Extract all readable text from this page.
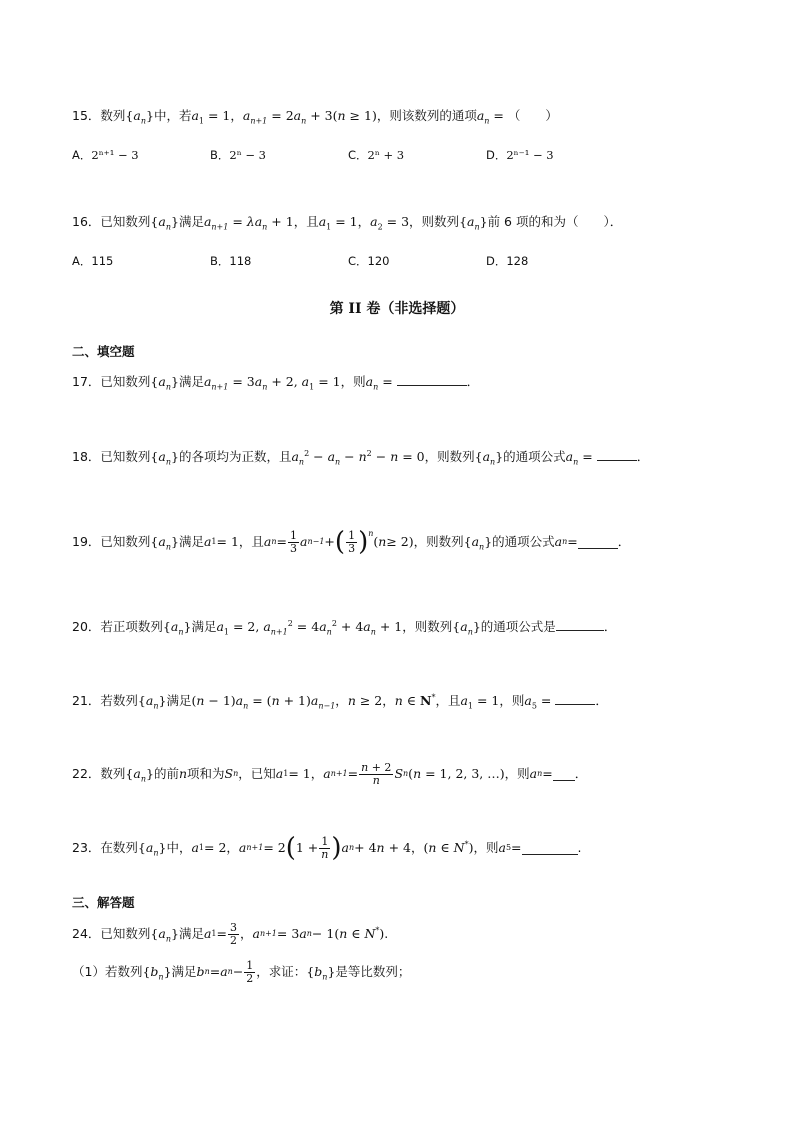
15．数列$\{a_n\}$中，若$a_1 = 1$，$a_{n+1} = 2a_n + 3(n \ge 1)$，则该数列的通项$a_n$ = （　　）
A．2ⁿ⁺¹ − 3	B．2ⁿ − 3	C．2ⁿ + 3	D．2ⁿ⁻¹ − 3
16．已知数列$\{a_n\}$满足$a_{n+1} = \lambda a_n + 1$，且$a_1 = 1$，$a_2 = 3$，则数列$\{a_n\}$前 6 项的和为（　　）．
A．115	B．118	C．120	D．128
第 II 卷（非选择题）
二、填空题
17．已知数列$\{a_n\}$满足$a_{n+1} = 3a_n + 2$, $a_1 = 1$，则$a_n$ =	．
18．已知数列$\{a_n\}$的各项均为正数，且$a_n^2 - a_n - n^2 - n = 0$，则数列$\{a_n\}$的通项公式$a_n$ =	．
19． 已知数列 $\{a_n\}$ 满足 a 1 = 1 ，且 a $n = \frac{1}{3}$ a n−1 + ( $\frac{1}{3} )^n$
( n ≥ 2) ，则数列 $\{a_n\}$ 的通项公式 a n =	．
20．若正项数列$\{a_n\}$满足$a_1 = 2$, $a_{n+1}^2 = 4a_n^2 + 4a_n + 1$，则数列$\{a_n\}$的通项公式是	．
21．若数列$\{a_n\}$满足$(n - 1)a_n = (n + 1)a_{n-1}$，n ≥ 2，n ∈ N*，且$a_1 = 1$，则$a_5$ =	．
22． 数列 $\{a_n\}$ 的前 n 项和为 S n ，已知 a 1 = 1， a $n+1 = \frac{n + 2}{n}$ S n (n = 1, 2, 3, …) ，则 a n = ．
23． 在数列 $\{a_n\}$ 中， a 1 = 2， a n+1 = 2 ( $1 + \frac{1}{n}$ ) a n + 4n + 4，(n ∈ N*) ，则 a 5 =	.
三、解答题
24． 已知数列 $\{a_n\}$ 满足 a $1 = \frac{3}{2}$ ， a n+1 = 3 a n − 1(n ∈ N*) .
（1）若数列 $\{b_n\}$ 满足 b n = a $n - \frac{1}{2}$ ，求证： $\{b_n\}$ 是等比数列；
